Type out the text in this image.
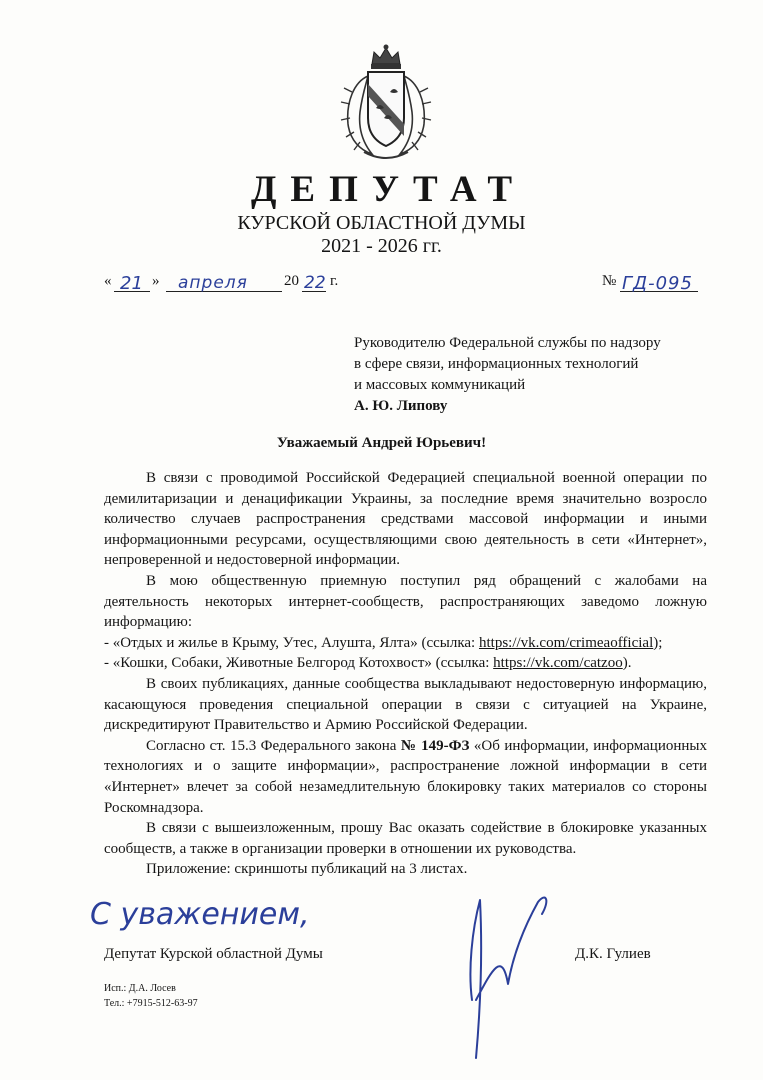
ДЕПУТАТ
КУРСКОЙ ОБЛАСТНОЙ ДУМЫ
2021 - 2026 гг.
« 21 » апреля 20 22 г.	№ ГД-095
Руководителю Федеральной службы по надзору
в сфере связи, информационных технологий
и массовых коммуникаций
А. Ю. Липову
Уважаемый Андрей Юрьевич!

В связи с проводимой Российской Федерацией специальной военной операции по демилитаризации и денацификации Украины, за последние время значительно возросло количество случаев распространения средствами массовой информации и иными информационными ресурсами, осуществляющими свою деятельность в сети «Интернет», непроверенной и недостоверной информации.

В мою общественную приемную поступил ряд обращений с жалобами на деятельность некоторых интернет-сообществ, распространяющих заведомо ложную информацию:

- «Отдых и жилье в Крыму, Утес, Алушта, Ялта» (ссылка: https://vk.com/crimeaofficial);

- «Кошки, Собаки, Животные Белгород Котохвост» (ссылка: https://vk.com/catzoo).

В своих публикациях, данные сообщества выкладывают недостоверную информацию, касающуюся проведения специальной операции в связи с ситуацией на Украине, дискредитируют Правительство и Армию Российской Федерации.

Согласно ст. 15.3 Федерального закона № 149-ФЗ «Об информации, информационных технологиях и о защите информации», распространение ложной информации в сети «Интернет» влечет за собой незамедлительную блокировку таких материалов со стороны Роскомнадзора.

В связи с вышеизложенным, прошу Вас оказать содействие в блокировке указанных сообществ, а также в организации проверки в отношении их руководства.

Приложение: скриншоты публикаций на 3 листах.

С уважением,
Депутат Курской областной Думы	Д.К. Гулиев
Исп.: Д.А. Лосев
Тел.: +7915-512-63-97
